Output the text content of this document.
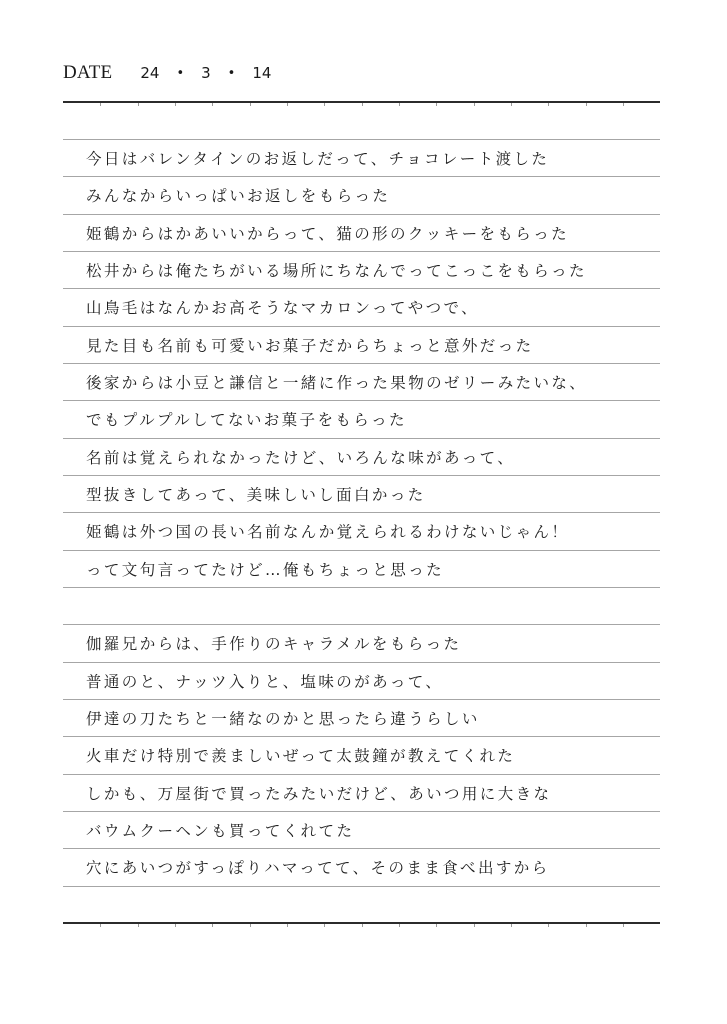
DATE 24 • 3 • 14
今日はバレンタインのお返しだって、チョコレート渡した
みんなからいっぱいお返しをもらった
姫鶴からはかあいいからって、猫の形のクッキーをもらった
松井からは俺たちがいる場所にちなんでってこっこをもらった
山鳥毛はなんかお高そうなマカロンってやつで、
見た目も名前も可愛いお菓子だからちょっと意外だった
後家からは小豆と謙信と一緒に作った果物のゼリーみたいな、
でもプルプルしてないお菓子をもらった
名前は覚えられなかったけど、いろんな味があって、
型抜きしてあって、美味しいし面白かった
姫鶴は外つ国の長い名前なんか覚えられるわけないじゃん！
って文句言ってたけど…俺もちょっと思った
伽羅兄からは、手作りのキャラメルをもらった
普通のと、ナッツ入りと、塩味のがあって、
伊達の刀たちと一緒なのかと思ったら違うらしい
火車だけ特別で羨ましいぜって太鼓鐘が教えてくれた
しかも、万屋街で買ったみたいだけど、あいつ用に大きな
バウムクーヘンも買ってくれてた
穴にあいつがすっぽりハマってて、そのまま食べ出すから
